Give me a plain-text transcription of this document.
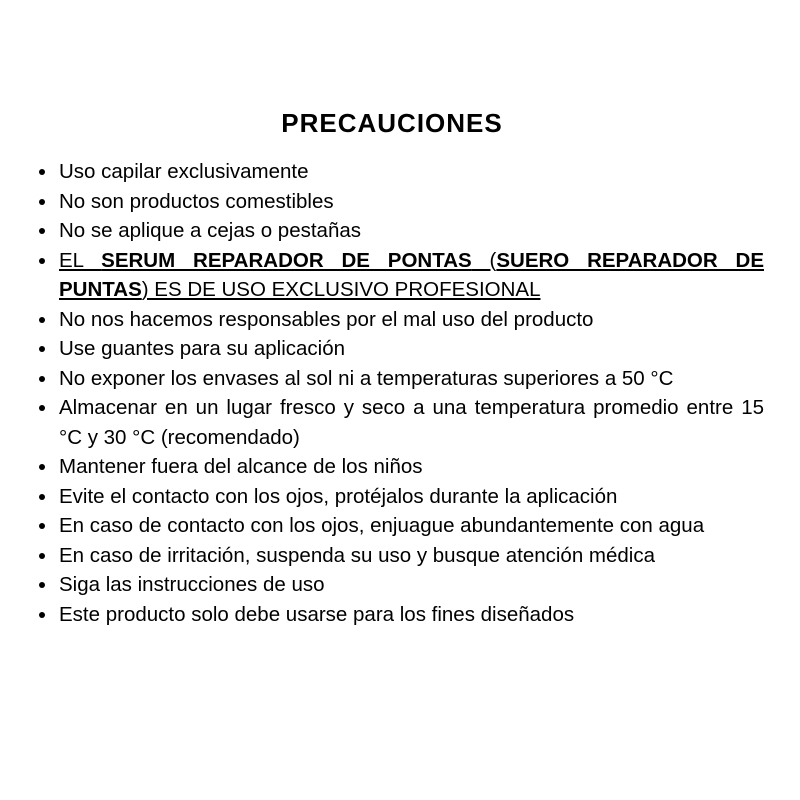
PRECAUCIONES
Uso capilar exclusivamente
No son productos comestibles
No se aplique a cejas o pestañas
EL SERUM REPARADOR DE PONTAS (SUERO REPARADOR DE PUNTAS) ES DE USO EXCLUSIVO PROFESIONAL
No nos hacemos responsables por el mal uso del producto
Use guantes para su aplicación
No exponer los envases al sol ni a temperaturas superiores a 50 °C
Almacenar en un lugar fresco y seco a una temperatura promedio entre 15 °C y 30 °C (recomendado)
Mantener fuera del alcance de los niños
Evite el contacto con los ojos, protéjalos durante la aplicación
En caso de contacto con los ojos, enjuague abundantemente con agua
En caso de irritación, suspenda su uso y busque atención médica
Siga las instrucciones de uso
Este producto solo debe usarse para los fines diseñados
